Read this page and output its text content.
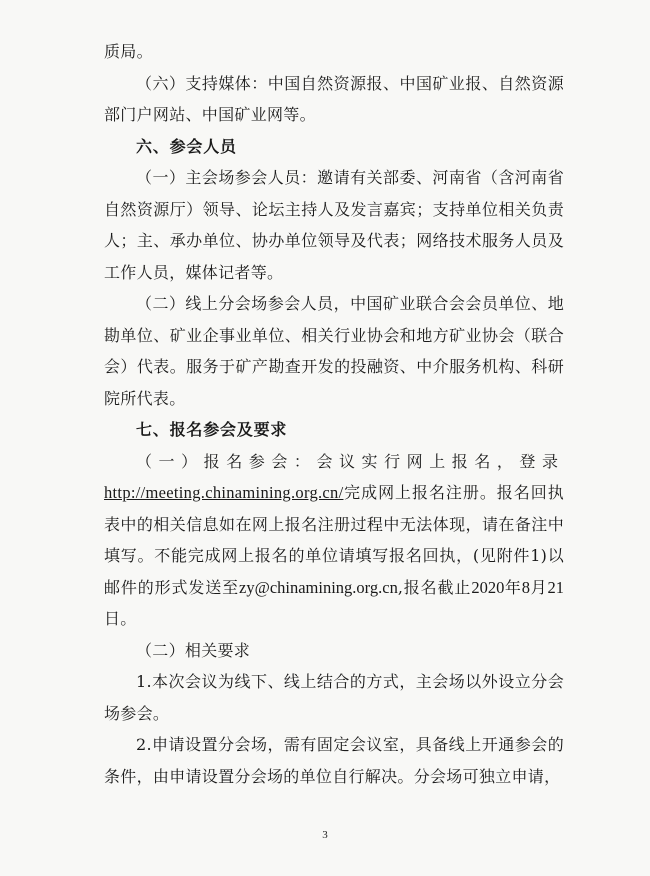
质局。

（六）支持媒体：中国自然资源报、中国矿业报、自然资源部门户网站、中国矿业网等。

六、参会人员

（一）主会场参会人员：邀请有关部委、河南省（含河南省自然资源厅）领导、论坛主持人及发言嘉宾；支持单位相关负责人；主、承办单位、协办单位领导及代表；网络技术服务人员及工作人员，媒体记者等。

（二）线上分会场参会人员，中国矿业联合会会员单位、地勘单位、矿业企事业单位、相关行业协会和地方矿业协会（联合会）代表。服务于矿产勘查开发的投融资、中介服务机构、科研院所代表。

七、报名参会及要求

（一）报名参会：会议实行网上报名，登录http://meeting.chinamining.org.cn/完成网上报名注册。报名回执表中的相关信息如在网上报名注册过程中无法体现，请在备注中填写。不能完成网上报名的单位请填写报名回执，(见附件1)以邮件的形式发送至zy@chinamining.org.cn,报名截止2020年8月21日。

（二）相关要求

1.本次会议为线下、线上结合的方式，主会场以外设立分会场参会。

2.申请设置分会场，需有固定会议室，具备线上开通参会的条件，由申请设置分会场的单位自行解决。分会场可独立申请，

3
